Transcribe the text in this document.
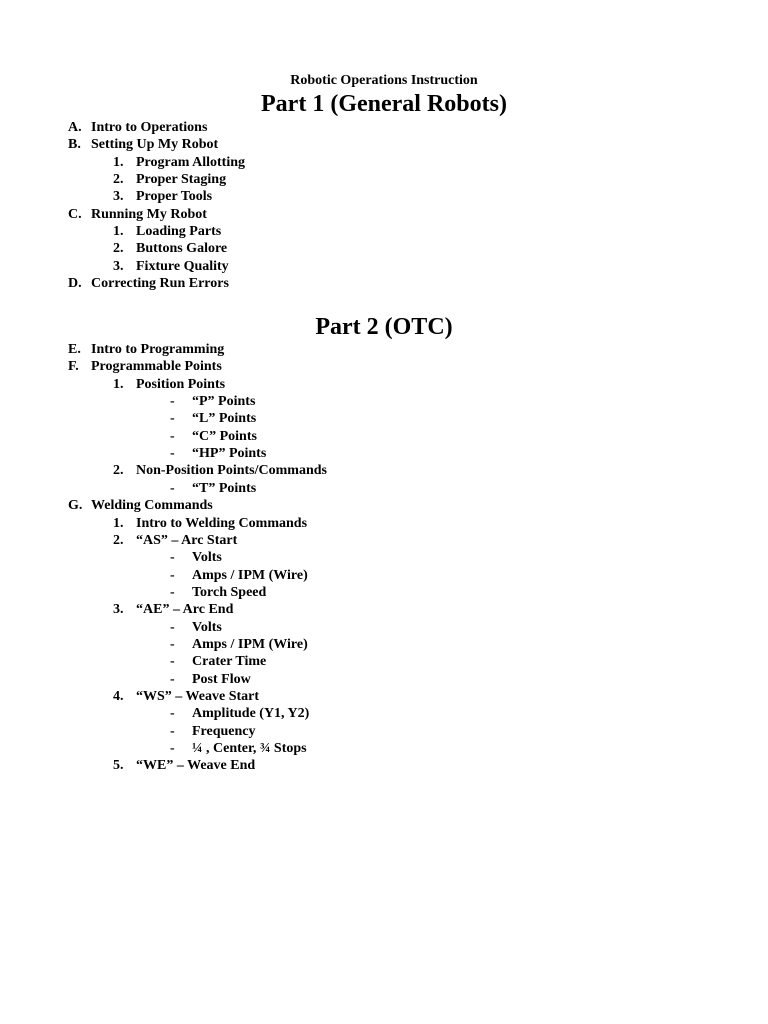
Robotic Operations Instruction
Part 1 (General Robots)
A. Intro to Operations
B. Setting Up My Robot
1. Program Allotting
2. Proper Staging
3. Proper Tools
C. Running My Robot
1. Loading Parts
2. Buttons Galore
3. Fixture Quality
D. Correcting Run Errors
Part 2 (OTC)
E. Intro to Programming
F. Programmable Points
1. Position Points
- “P” Points
- “L” Points
- “C” Points
- “HP” Points
2. Non-Position Points/Commands
- “T” Points
G. Welding Commands
1. Intro to Welding Commands
2. “AS” – Arc Start
- Volts
- Amps / IPM (Wire)
- Torch Speed
3. “AE” – Arc End
- Volts
- Amps / IPM (Wire)
- Crater Time
- Post Flow
4. “WS” – Weave Start
- Amplitude (Y1, Y2)
- Frequency
- ¼ , Center, ¾ Stops
5. “WE” – Weave End
